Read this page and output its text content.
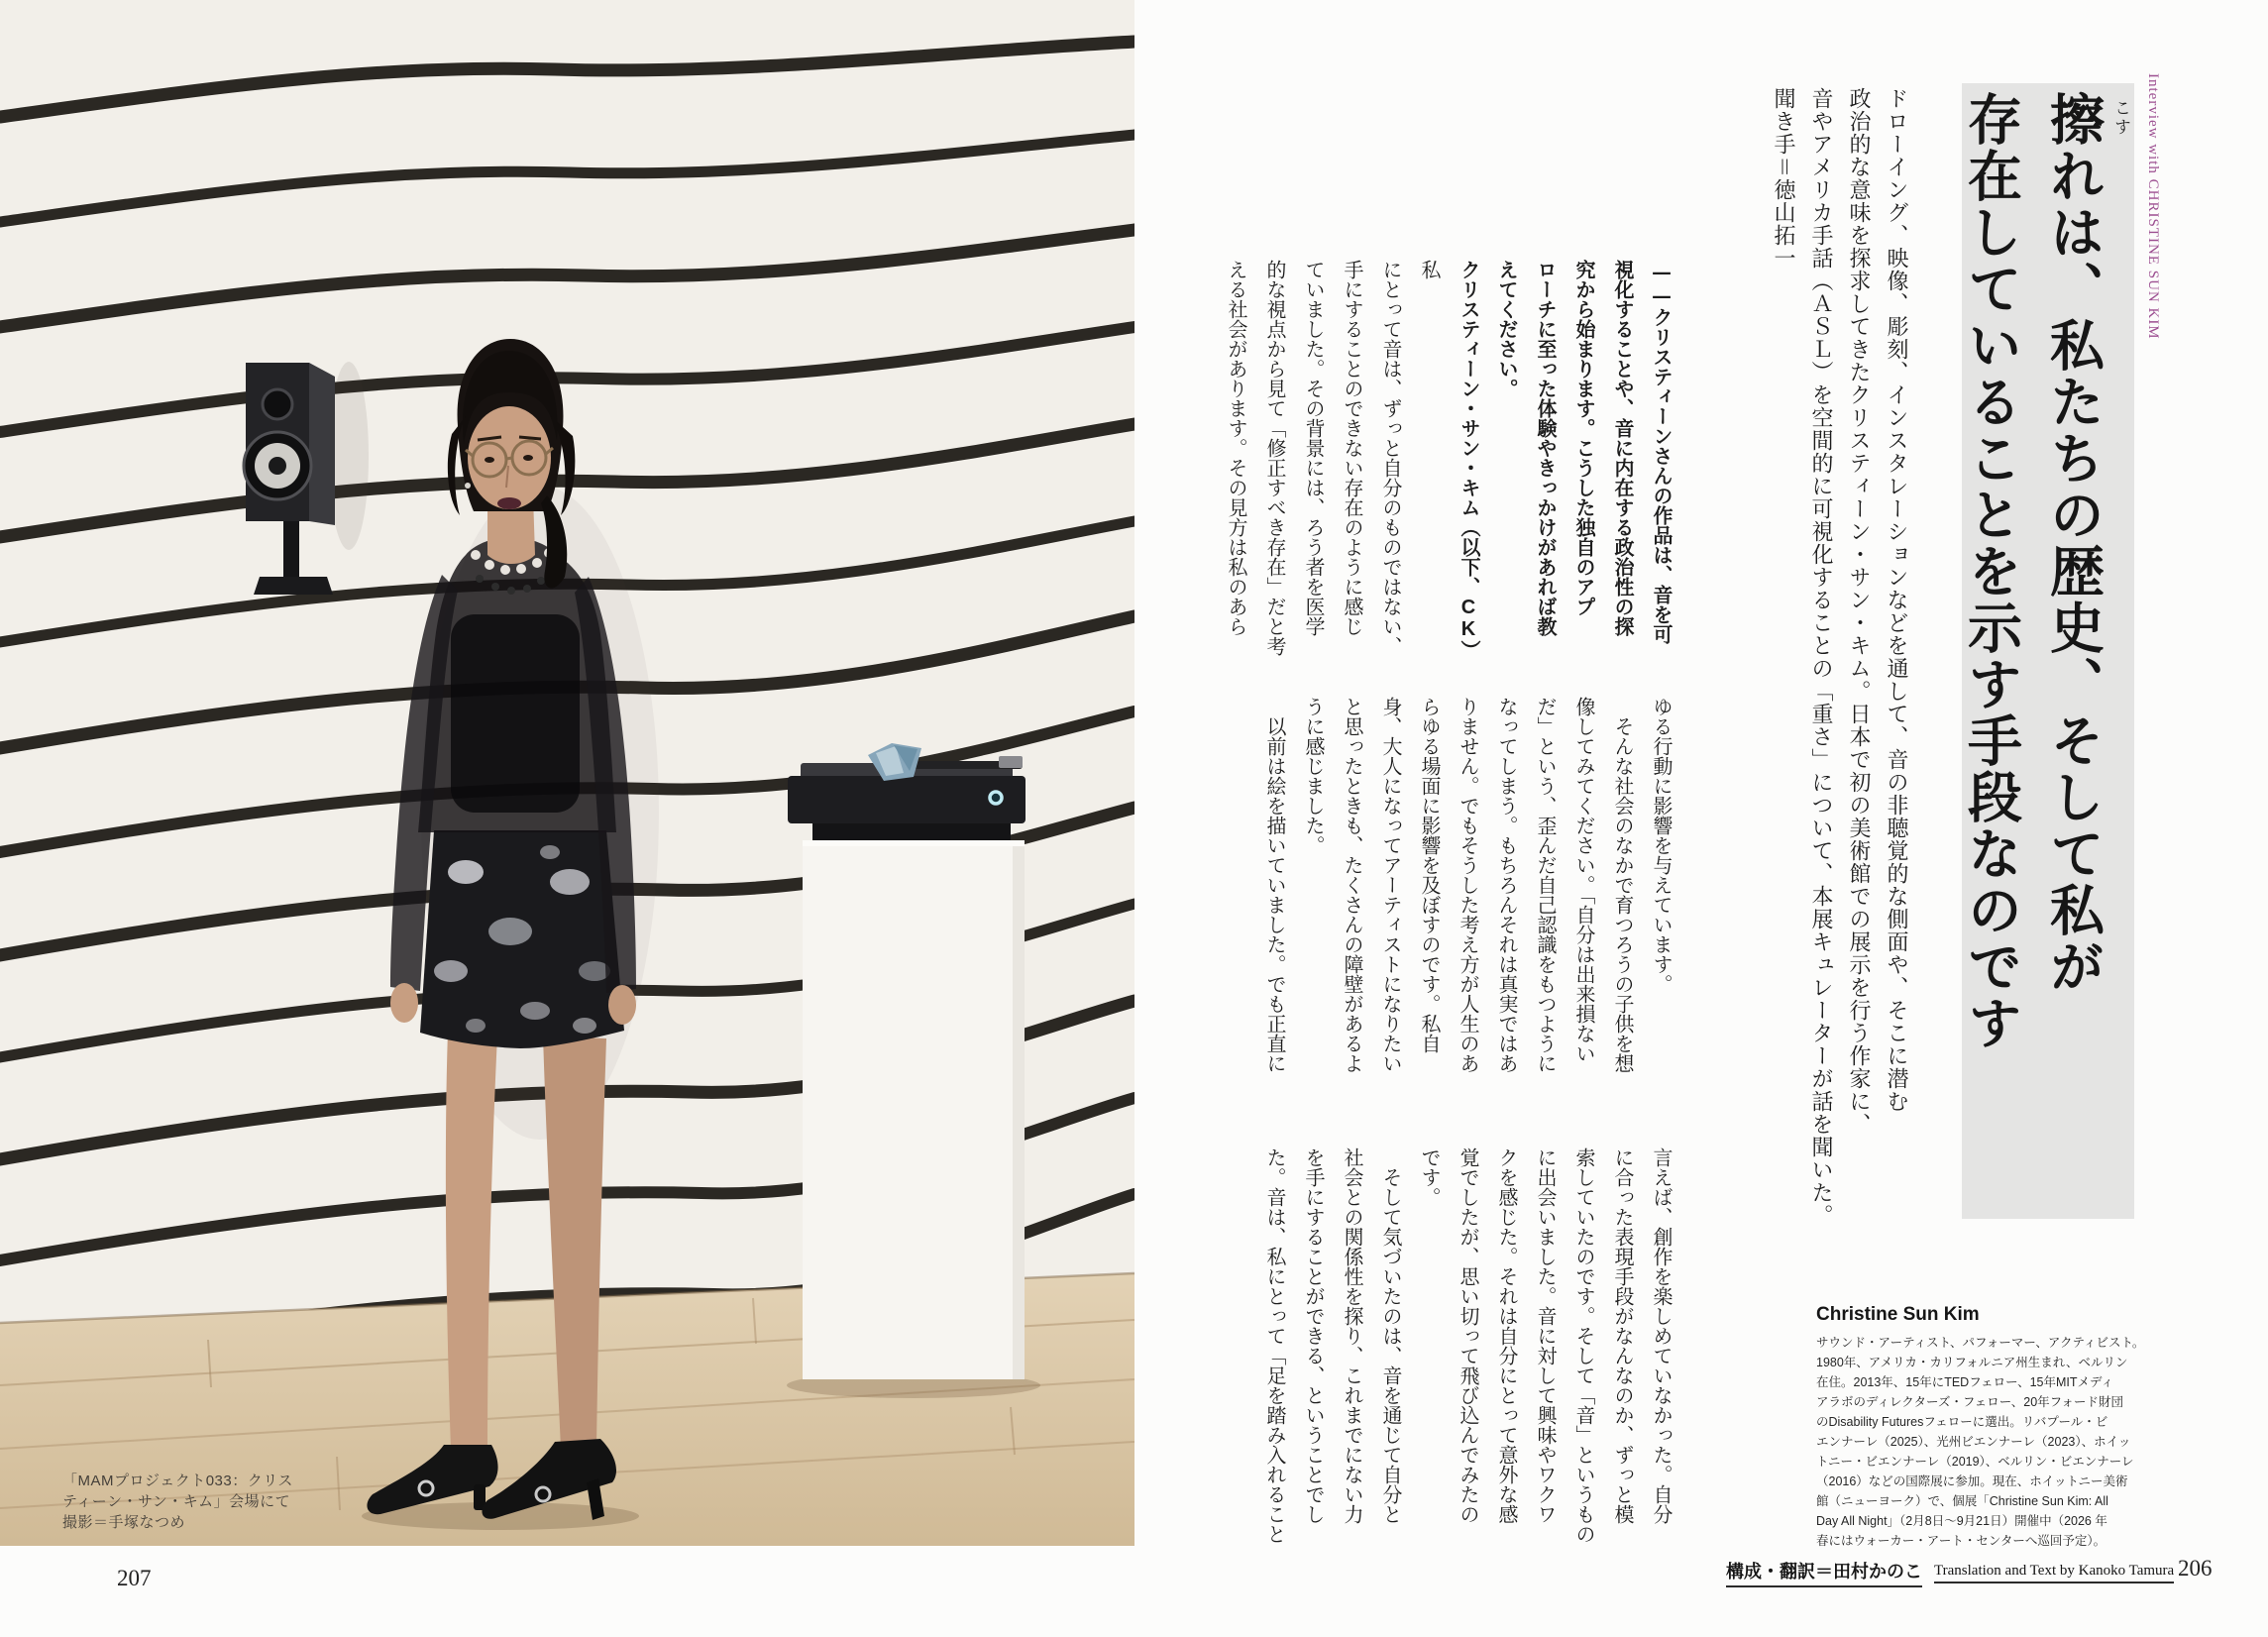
「MAMプロジェクト033：クリス
ティーン・サン・キム」会場にて
撮影＝手塚なつめ
207
Interview with CHRISTINE SUN KIM
こす

擦れは、私たちの歴史、そして私が

存在していることを示す手段なのです

ドローイング、映像、彫刻、インスタレーションなどを通して、音の非聴覚的な側面や、そこに潜む

政治的な意味を探求してきたクリスティーン・サン・キム。日本で初の美術館での展示を行う作家に、

音やアメリカ手話（ＡＳＬ）を空間的に可視化することの「重さ」について、本展キュレーターが話を聞いた。

聞き手＝徳山拓一

——クリスティーンさんの作品は、音を可

視化することや、音に内在する政治性の探

究から始まります。こうした独自のアプ

ローチに至った体験やきっかけがあれば教

えてください。

クリスティーン・サン・キム（以下、CK）　私

にとって音は、ずっと自分のものではない、

手にすることのできない存在のように感じ

ていました。その背景には、ろう者を医学

的な視点から見て「修正すべき存在」だと考

える社会があります。その見方は私のあら

ゆる行動に影響を与えています。

　そんな社会のなかで育つろうの子供を想

像してみてください。「自分は出来損ない

だ」という、歪んだ自己認識をもつように

なってしまう。もちろんそれは真実ではあ

りません。でもそうした考え方が人生のあ

らゆる場面に影響を及ぼすのです。私自

身、大人になってアーティストになりたい

と思ったときも、たくさんの障壁があるよ

うに感じました。

　以前は絵を描いていました。でも正直に

言えば、創作を楽しめていなかった。自分

に合った表現手段がなんなのか、ずっと模

索していたのです。そして「音」というもの

に出会いました。音に対して興味やワクワ

クを感じた。それは自分にとって意外な感

覚でしたが、思い切って飛び込んでみたの

です。

　そして気づいたのは、音を通じて自分と

社会との関係性を探り、これまでにない力

を手にすることができる、ということでし

た。音は、私にとって「足を踏み入れること	Christine Sun Kim
サウンド・アーティスト、パフォーマー、アクティビスト。
1980年、アメリカ・カリフォルニア州生まれ、ベルリン
在住。2013年、15年にTEDフェロー、15年MITメディ
アラボのディレクターズ・フェロー、20年フォード財団
のDisability Futuresフェローに選出。リバプール・ビ
エンナーレ（2025）、光州ビエンナーレ（2023）、ホイッ
トニー・ビエンナーレ（2019）、ベルリン・ビエンナーレ
（2016）などの国際展に参加。現在、ホイットニー美術
館（ニューヨーク）で、個展「Christine Sun Kim: All
Day All Night」（2月8日〜9月21日）開催中（2026 年
春にはウォーカー・アート・センターへ巡回予定）。
構成・翻訳＝田村かのこ Translation and Text by Kanoko Tamura 206
